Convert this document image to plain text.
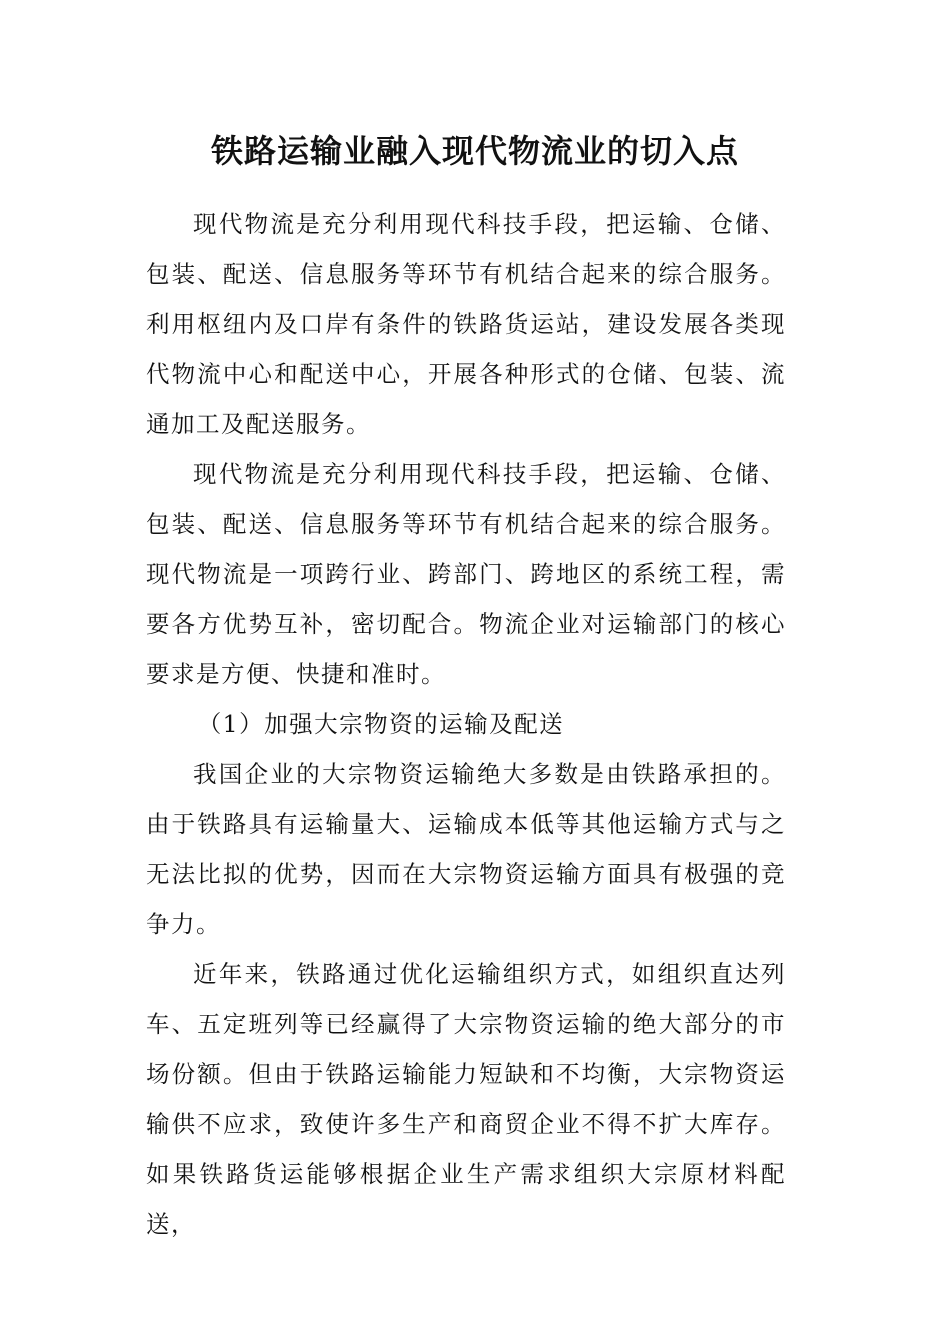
铁路运输业融入现代物流业的切入点

现代物流是充分利用现代科技手段，把运输、仓储、包装、配送、信息服务等环节有机结合起来的综合服务。利用枢纽内及口岸有条件的铁路货运站，建设发展各类现代物流中心和配送中心，开展各种形式的仓储、包装、流通加工及配送服务。

现代物流是充分利用现代科技手段，把运输、仓储、包装、配送、信息服务等环节有机结合起来的综合服务。现代物流是一项跨行业、跨部门、跨地区的系统工程，需要各方优势互补，密切配合。物流企业对运输部门的核心要求是方便、快捷和准时。

（1）加强大宗物资的运输及配送

我国企业的大宗物资运输绝大多数是由铁路承担的。由于铁路具有运输量大、运输成本低等其他运输方式与之无法比拟的优势，因而在大宗物资运输方面具有极强的竞争力。

近年来，铁路通过优化运输组织方式，如组织直达列车、五定班列等已经赢得了大宗物资运输的绝大部分的市场份额。但由于铁路运输能力短缺和不均衡，大宗物资运输供不应求，致使许多生产和商贸企业不得不扩大库存。如果铁路货运能够根据企业生产需求组织大宗原材料配送，
